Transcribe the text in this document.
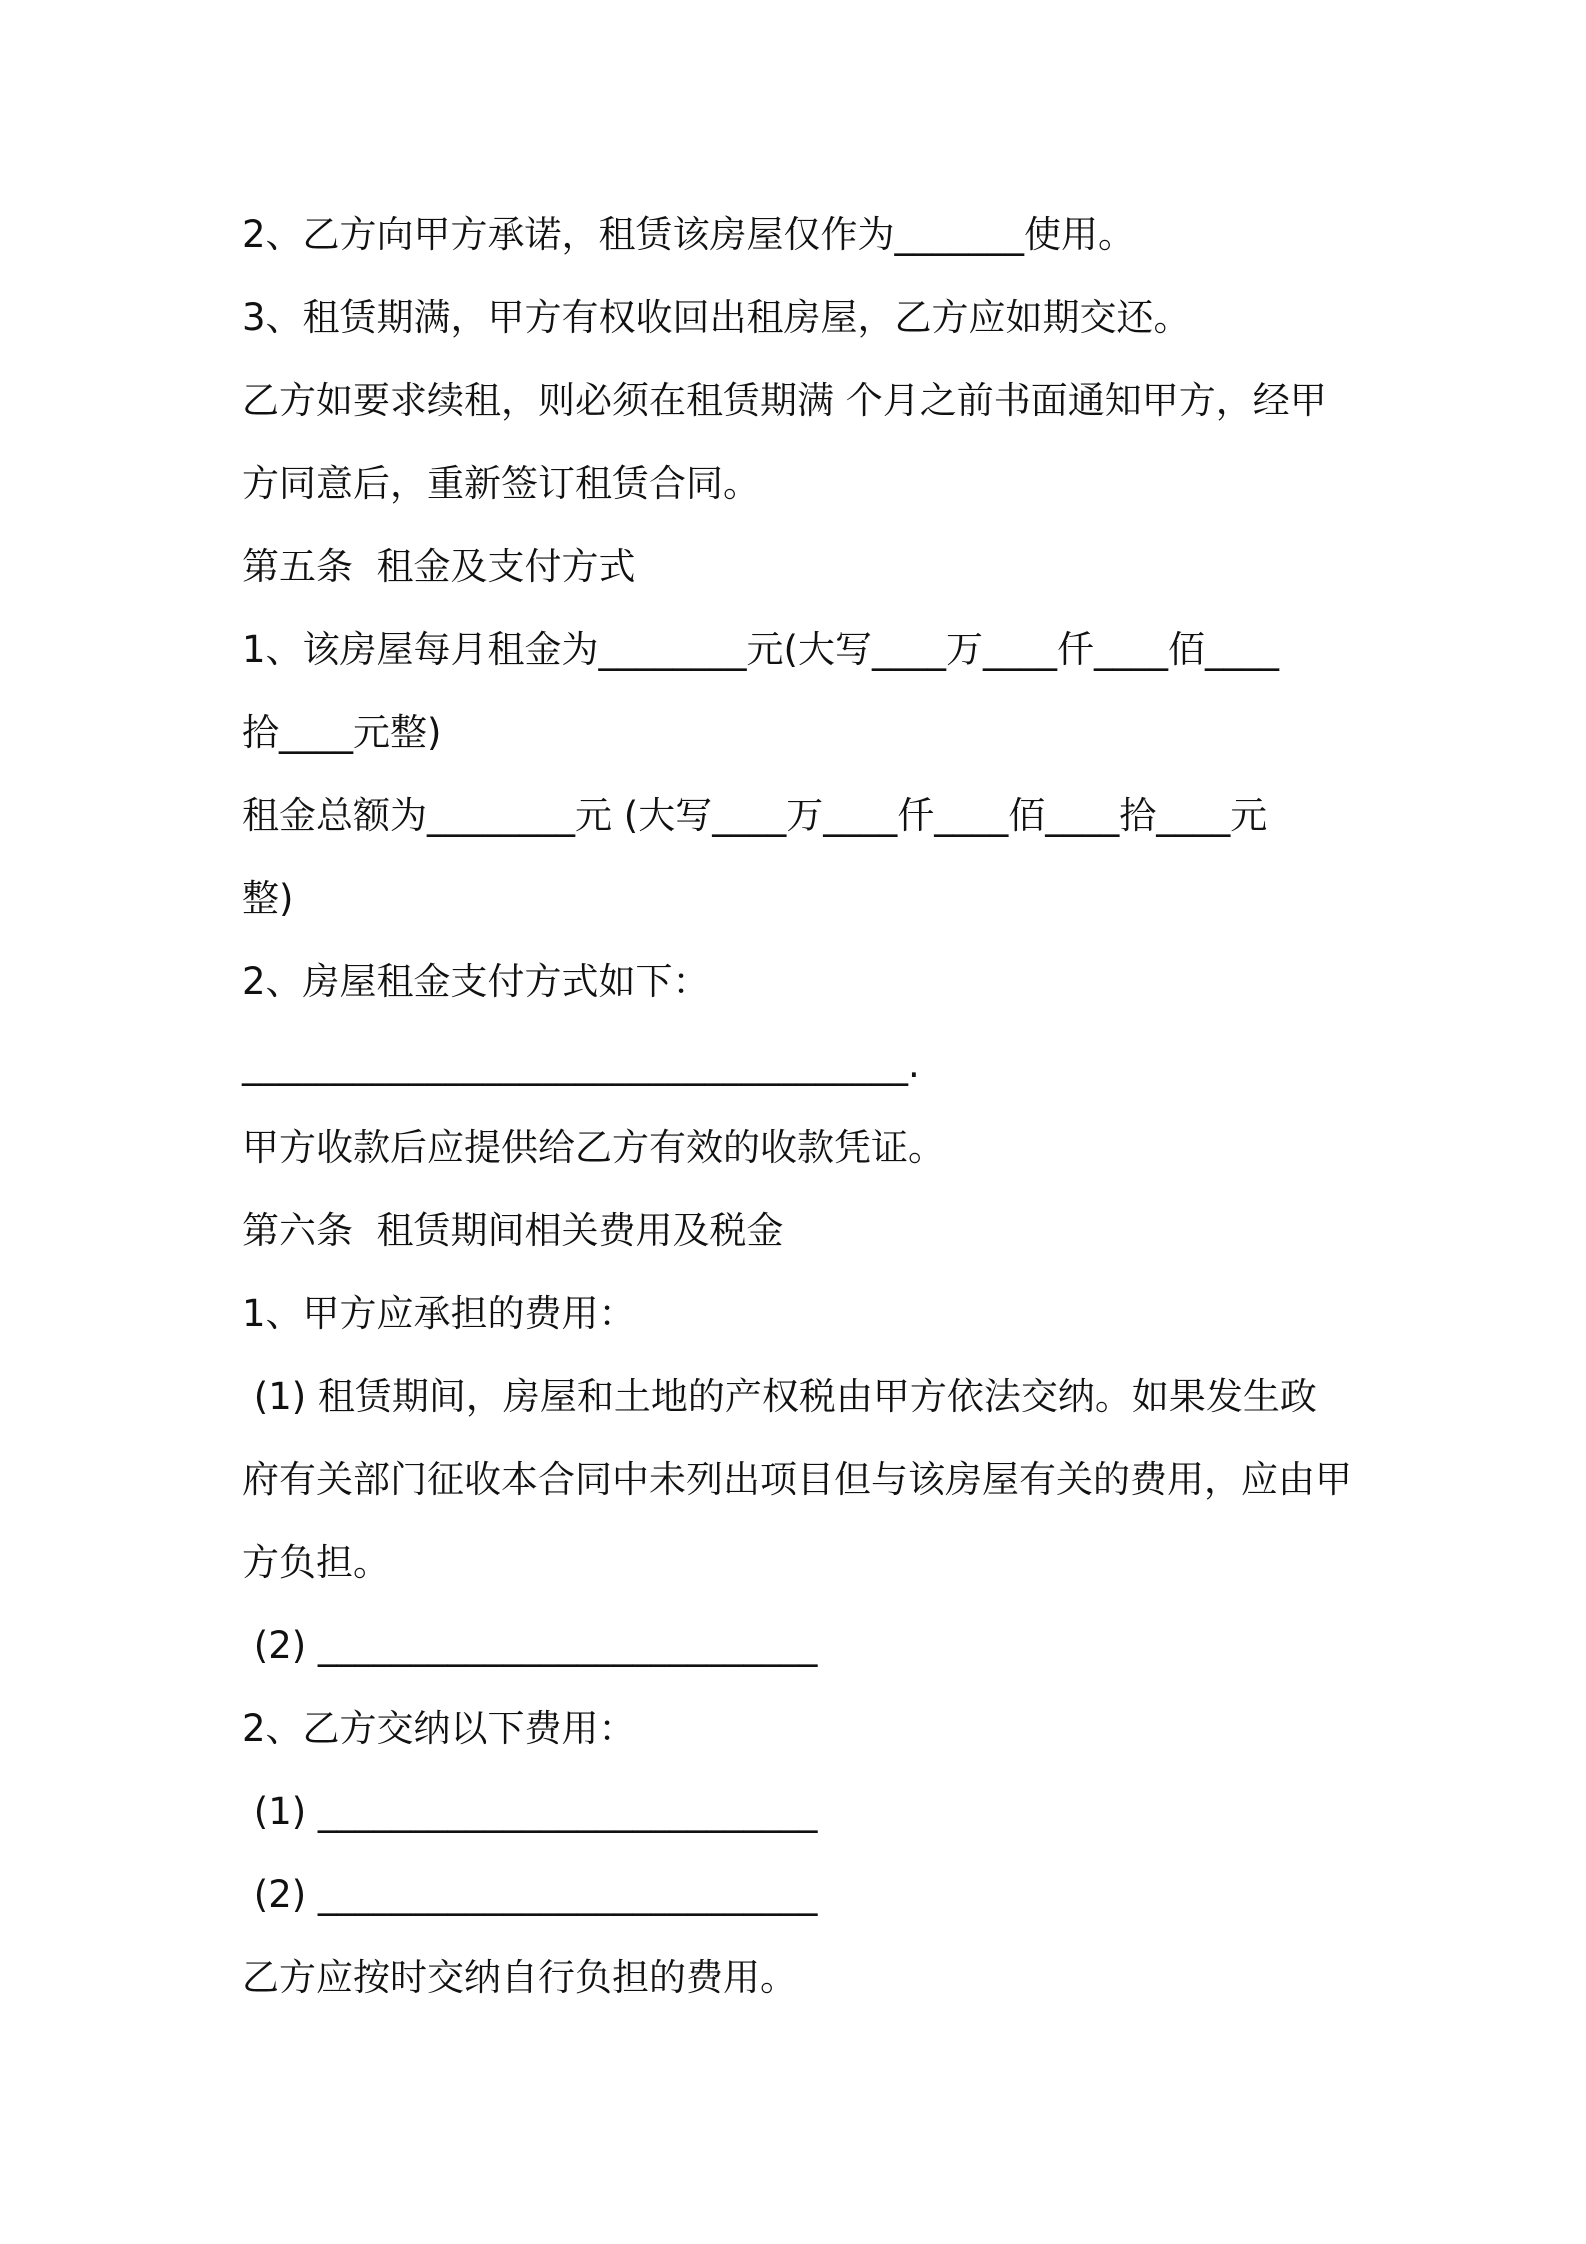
2、乙方向甲方承诺，租赁该房屋仅作为_______使用。
3、租赁期满，甲方有权收回出租房屋，乙方应如期交还。
乙方如要求续租，则必须在租赁期满 个月之前书面通知甲方，经甲
方同意后，重新签订租赁合同。
第五条  租金及支付方式
1、该房屋每月租金为________元(大写____万____仟____佰____
拾____元整)
租金总额为________元 (大写____万____仟____佰____拾____元
整)
2、房屋租金支付方式如下：
____________________________________.
甲方收款后应提供给乙方有效的收款凭证。
第六条  租赁期间相关费用及税金
1、甲方应承担的费用：
(1) 租赁期间，房屋和土地的产权税由甲方依法交纳。如果发生政
府有关部门征收本合同中未列出项目但与该房屋有关的费用，应由甲
方负担。
(2) ___________________________
2、乙方交纳以下费用：
(1) ___________________________
(2) ___________________________
乙方应按时交纳自行负担的费用。
